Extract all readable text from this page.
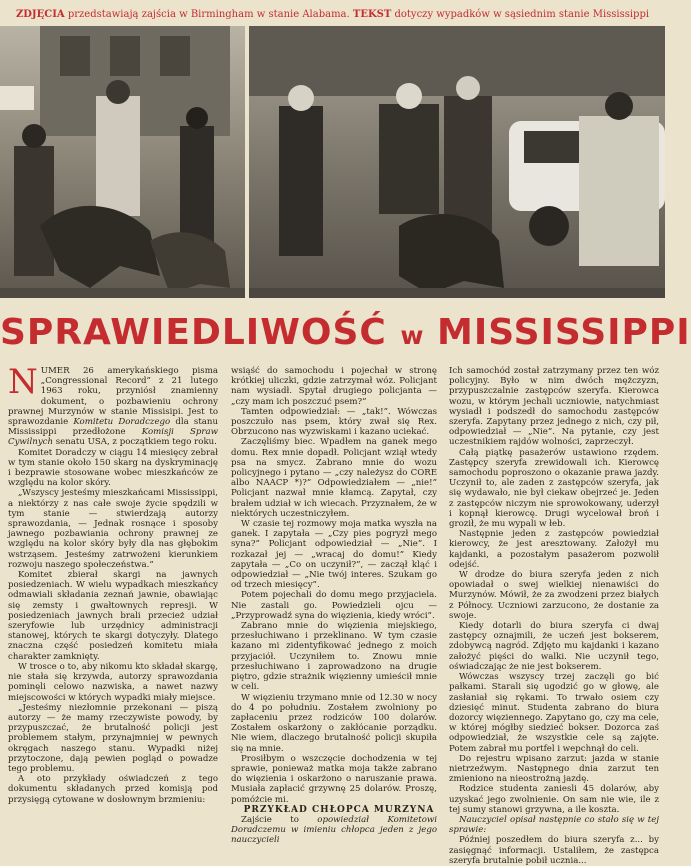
ZDJĘCIA przedstawiają zajścia w Birmingham w stanie Alabama. TEKST dotyczy wypadków w sąsiednim stanie Mississippi
SPRAWIEDLIWOŚĆ w MISSISSIPPI

NUMER 26 amerykańskiego pisma „Congressional Record” z 21 lutego 1963 roku, przyniósł znamienny dokument, o pozbawieniu ochrony prawnej Murzynów w stanie Missisipi. Jest to sprawozdanie Komitetu Doradczego dla stanu Mississippi przedłożone Komisji Spraw Cywilnych senatu USA, z początkiem tego roku.

Komitet Doradczy w ciągu 14 miesięcy zebrał w tym stanie około 150 skarg na dyskryminację i bezprawie stosowane wobec mieszkańców ze względu na kolor skóry.

„Wszyscy jesteśmy mieszkańcami Mississippi, a niektórzy z nas całe swoje życie spędzili w tym stanie — stwierdzają autorzy sprawozdania, — Jednak rosnące i sposoby jawnego pozbawiania ochrony prawnej ze względu na kolor skóry były dla nas głębokim wstrząsem. Jesteśmy zatrwożeni kierunkiem rozwoju naszego społeczeństwa.”

Komitet zbierał skargi na jawnych posiedzeniach. W wielu wypadkach mieszkańcy odmawiali składania zeznań jawnie, obawiając się zemsty i gwałtownych represji. W posiedzeniach jawnych brali przecież udział szeryfowie lub urzędnicy administracji stanowej, których te skargi dotyczyły. Dlatego znaczna część posiedzeń komitetu miała charakter zamknięty.

W trosce o to, aby nikomu kto składał skargę, nie stała się krzywda, autorzy sprawozdania pominęli celowo nazwiska, a nawet nazwy miejscowości w których wypadki miały miejsce.

„Jesteśmy niezłomnie przekonani — piszą autorzy — że mamy rzeczywiste powody, by przypuszczać, że brutalność policji jest problemem stałym, przynajmniej w pewnych okręgach naszego stanu. Wypadki niżej przytoczone, dają pewien pogląd o powadze tego problemu.

A oto przykłady oświadczeń z tego dokumentu składanych przed komisją pod przysięgą cytowane w dosłownym brzmieniu:

wsiąść do samochodu i pojechał w stronę krótkiej uliczki, gdzie zatrzymał wóz. Policjant nam wysiadł. Spytał drugiego policjanta — „czy mam ich poszczuć psem?”

Tamten odpowiedział: — „tak!”. Wówczas poszczuło nas psem, który zwał się Rex. Obrzucono nas wyzwiskami i kazano uciekać.

Zaczęliśmy biec. Wpadłem na ganek mego domu. Rex mnie dopadł. Policjant wziął wtedy psa na smycz. Zabrano mnie do wozu policyjnego i pytano — „czy należysz do CORE albo NAACP *)?” Odpowiedziałem — „nie!” Policjant nazwał mnie kłamcą. Zapytał, czy brałem udział w ich wiecach. Przyznałem, że w niektórych uczestniczyłem.

W czasie tej rozmowy moja matka wyszła na ganek. I zapytała — „Czy pies pogryzł mego syna?” Policjant odpowiedział — „Nie”. I rozkazał jej — „wracaj do domu!” Kiedy zapytała — „Co on uczynił?”, — zaczął kląć i odpowiedział — „Nie twój interes. Szukam go od trzech miesięcy”.

Potem pojechali do domu mego przyjaciela. Nie zastali go. Powiedzieli ojcu — „Przyprowadź syna do więzienia, kiedy wróci”.

Zabrano mnie do więzienia miejskiego, przesłuchiwano i przeklinano. W tym czasie kazano mi zidentyfikować jednego z moich przyjaciół. Uczyniłem to. Znowu mnie przesłuchiwano i zaprowadzono na drugie piętro, gdzie strażnik więzienny umieścił mnie w celi.

W więzieniu trzymano mnie od 12.30 w nocy do 4 po południu. Zostałem zwolniony po zapłaceniu przez rodziców 100 dolarów. Zostałem oskarżony o zakłócanie porządku. Nie wiem, dlaczego brutalność policji skupiła się na mnie.

Prosiłbym o wszczęcie dochodzenia w tej sprawie, ponieważ matka moja także zabrano do więzienia i oskarżono o naruszanie prawa. Musiała zapłacić grzywnę 25 dolarów. Proszę, pomóżcie mi.

PRZYKŁAD CHŁOPCA MURZYNA

Zajście to opowiedział Komitetowi Doradczemu w imieniu chłopca jeden z jego nauczycieli

Ich samochód został zatrzymany przez ten wóz policyjny. Było w nim dwóch mężczyzn, przypuszczalnie zastępców szeryfa. Kierowca wozu, w którym jechali uczniowie, natychmiast wysiadł i podszedł do samochodu zastępców szeryfa. Zapytany przez jednego z nich, czy pił, odpowiedział — „Nie”. Na pytanie, czy jest uczestnikiem rajdów wolności, zaprzeczył.

Całą piątkę pasażerów ustawiono rzędem. Zastępcy szeryfa zrewidowali ich. Kierowcę samochodu poproszono o okazanie prawa jazdy. Uczynił to, ale zaden z zastępców szeryfa, jak się wydawało, nie był ciekaw obejrzeć je. Jeden z zastępców niczym nie sprowokowany, uderzył i kopnął kierowcę. Drugi wycelował broń i groził, że mu wypali w łeb.

Następnie jeden z zastępców powiedział kierowcy, że jest aresztowany. Założył mu kajdanki, a pozostałym pasażerom pozwolił odejść.

W drodze do biura szeryfa jeden z nich opowiadał o swej wielkiej nienawiści do Murzynów. Mówił, że za zwodzeni przez białych z Północy. Uczniowi zarzucono, że dostanie za swoje.

Kiedy dotarli do biura szeryfa ci dwaj zastępcy oznajmili, że uczeń jest bokserem, zdobywcą nagród. Zdjęto mu kajdanki i kazano założyć pięści do walki. Nie uczynił tego, oświadczając że nie jest bokserem.

Wówczas wszyscy trzej zaczęli go bić pałkami. Starali się ugodzić go w głowę, ale zasłaniał się rękami. To trwało osiem czy dziesięć minut. Studenta zabrano do biura dozorcy więziennego. Zapytano go, czy ma cele, w której mógłby siedzieć bokser. Dozorca zaś odpowiedział, że wszystkie cele są zajęte. Potem zabrał mu portfel i wepchnął do celi.

Do rejestru wpisano zarzut: jazda w stanie nietrzeźwym. Następnego dnia zarzut ten zmieniono na nieostrożną jazdę.

Rodzice studenta zaniesli 45 dolarów, aby uzyskać jego zwolnienie. On sam nie wie, ile z tej sumy stanowi grzywna, a ile koszta.

Nauczyciel opisał następnie co stało się w tej sprawie:

Później poszedłem do biura szeryfa z... by zasięgnąć informacji. Ustaliłem, że zastępca szeryfa brutalnie pobił ucznia...
